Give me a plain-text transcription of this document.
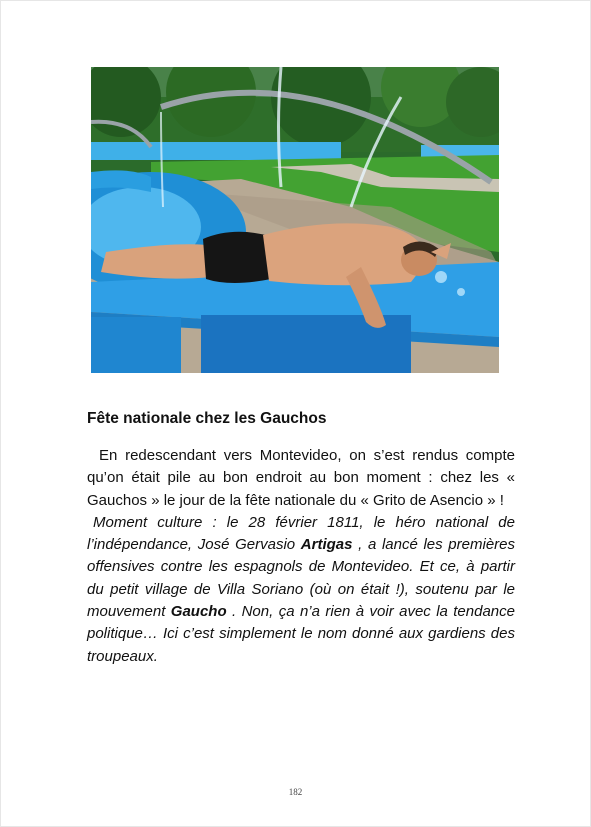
Fête nationale chez les Gauchos

En redescendant vers Montevideo, on s’est rendus compte qu’on était pile au bon endroit au bon moment : chez les « Gauchos » le jour de la fête nationale du « Grito de Asencio » !

Moment culture : le 28 février 1811, le héro national de l’indépendance, José Gervasio Artigas , a lancé les premières offensives contre les espagnols de Montevideo. Et ce, à partir du petit village de Villa Soriano (où on était !), soutenu par le mouvement Gaucho . Non, ça n’a rien à voir avec la tendance politique… Ici c’est simplement le nom donné aux gardiens des troupeaux.

182
